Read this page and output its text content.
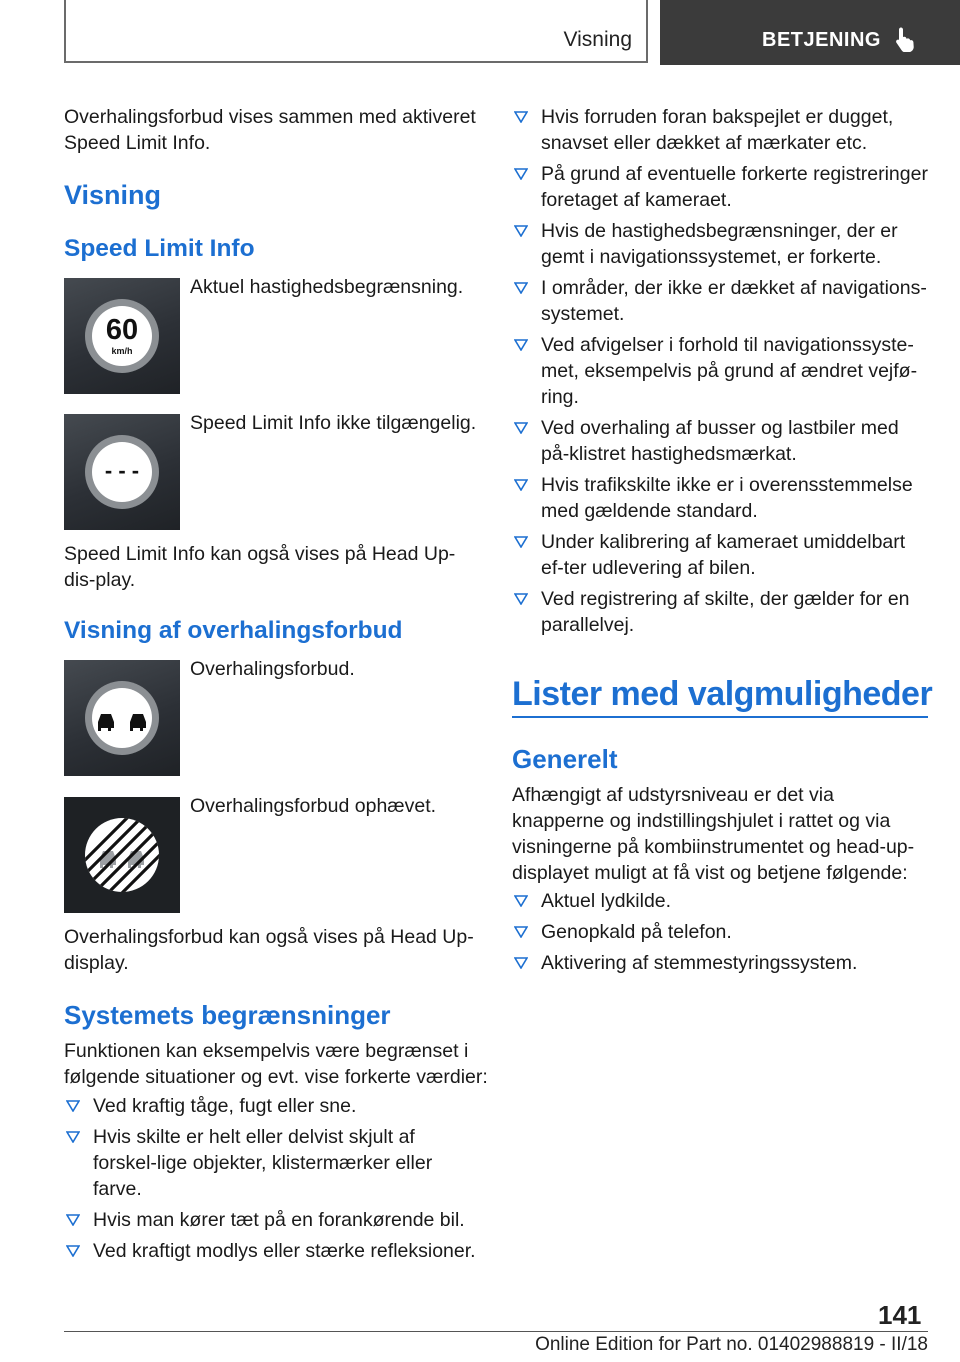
Visning	BETJENING

Overhalingsforbud vises sammen med aktiveret Speed Limit Info.

Visning
Speed Limit Info
60
km/h
Aktuel hastighedsbegrænsning.
- - -
Speed Limit Info ikke tilgængelig.

Speed Limit Info kan også vises på Head Up-dis‐play.

Visning af overhalingsforbud
Overhalingsforbud.
Overhalingsforbud ophævet.

Overhalingsforbud kan også vises på Head Up-display.

Systemets begrænsninger

Funktionen kan eksempelvis være begrænset i følgende situationer og evt. vise forkerte værdier:

Ved kraftig tåge, fugt eller sne.
Hvis skilte er helt eller delvist skjult af forskel‐lige objekter, klistermærker eller farve.
Hvis man kører tæt på en forankørende bil.
Ved kraftigt modlys eller stærke refleksioner.
Hvis forruden foran bakspejlet er dugget, snavset eller dækket af mærkater etc.
På grund af eventuelle forkerte registreringer foretaget af kameraet.
Hvis de hastighedsbegrænsninger, der er gemt i navigationssystemet, er forkerte.
I områder, der ikke er dækket af navigations‐systemet.
Ved afvigelser i forhold til navigationssyste‐met, eksempelvis på grund af ændret vejfø‐ring.
Ved overhaling af busser og lastbiler med på‐klistret hastighedsmærkat.
Hvis trafikskilte ikke er i overensstemmelse med gældende standard.
Under kalibrering af kameraet umiddelbart ef‐ter udlevering af bilen.
Ved registrering af skilte, der gælder for en parallelvej.
Lister med valgmuligheder
Generelt

Afhængigt af udstyrsniveau er det via knapperne og indstillingshjulet i rattet og via visningerne på kombiinstrumentet og head-up-displayet muligt at få vist og betjene følgende:

Aktuel lydkilde.
Genopkald på telefon.
Aktivering af stemmestyringssystem.
141
Online Edition for Part no. 01402988819 - II/18
